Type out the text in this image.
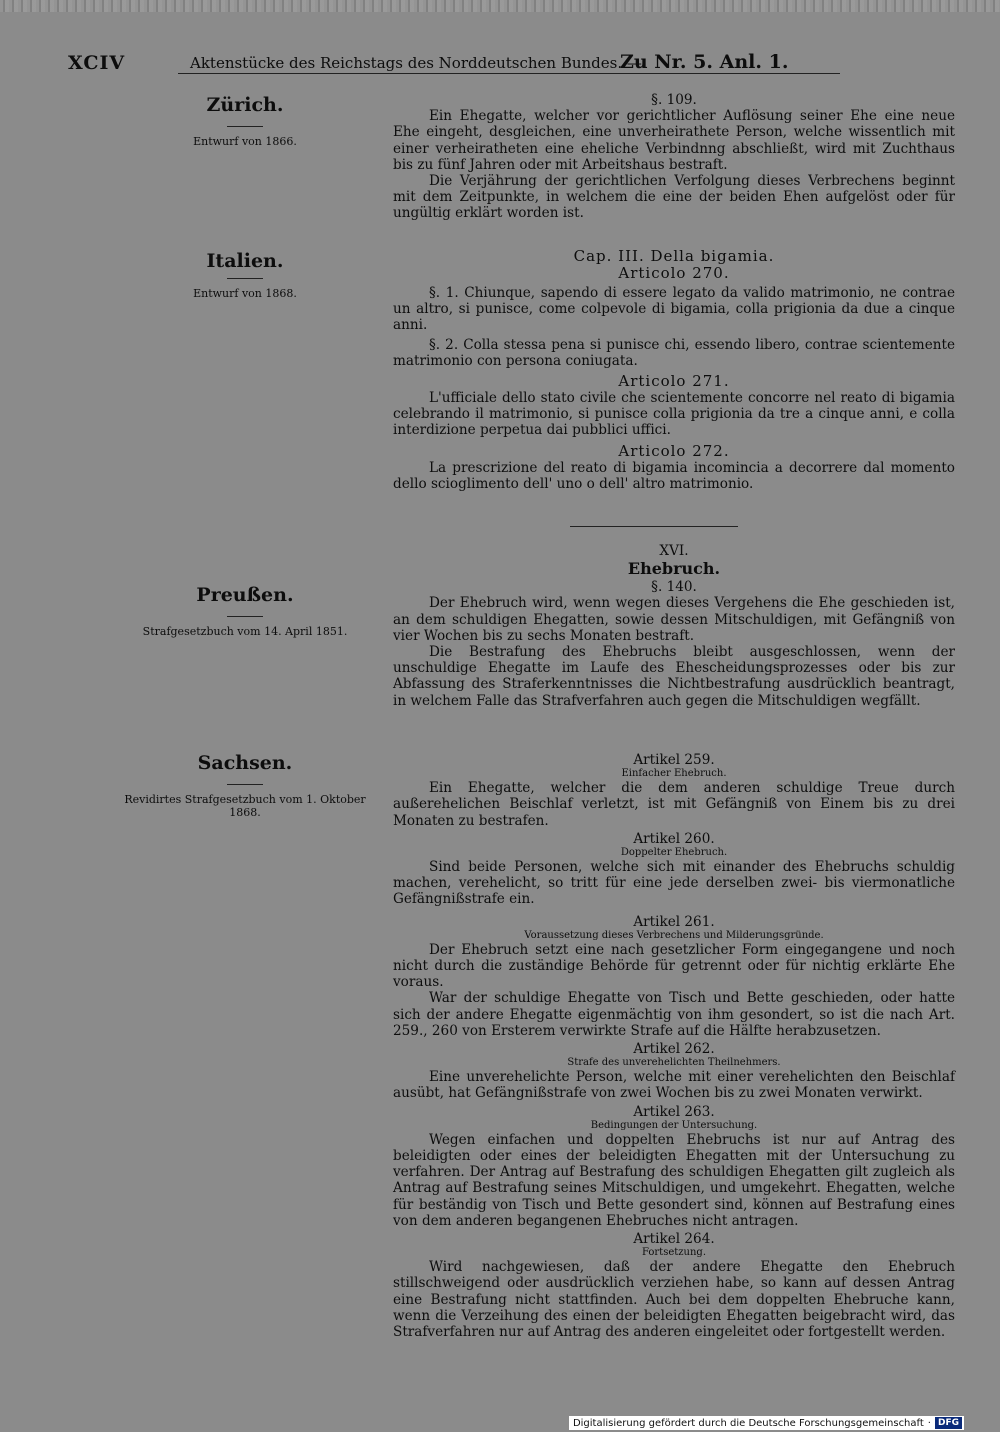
XCIV	Aktenstücke des Reichstags des Norddeutschen Bundes. —
Zu Nr. 5. Anl. 1.
Zürich.
Entwurf von 1866.
Italien.
Entwurf von 1868.
Preußen.
Strafgesetzbuch vom 14. April 1851.
Sachsen.
Revidirtes Strafgesetzbuch vom 1. Oktober 1868.
§. 109.

Ein Ehegatte, welcher vor gerichtlicher Auflösung seiner Ehe eine neue Ehe eingeht, desgleichen, eine unverheirathete Person, welche wissentlich mit einer verheiratheten eine eheliche Verbindnng abschließt, wird mit Zuchthaus bis zu fünf Jahren oder mit Arbeitshaus bestraft.

Die Verjährung der gerichtlichen Verfolgung dieses Verbrechens beginnt mit dem Zeitpunkte, in welchem die eine der beiden Ehen aufgelöst oder für ungültig erklärt worden ist.

Cap. III. Della bigamia.
Articolo 270.

§. 1. Chiunque, sapendo di essere legato da valido matrimonio, ne contrae un altro, si punisce, come colpevole di bigamia, colla prigionia da due a cinque anni.

§. 2. Colla stessa pena si punisce chi, essendo libero, contrae scientemente matrimonio con persona coniugata.

Articolo 271.

L'ufficiale dello stato civile che scientemente concorre nel reato di bigamia celebrando il matrimonio, si punisce colla prigionia da tre a cinque anni, e colla interdizione perpetua dai pubblici uffici.

Articolo 272.

La prescrizione del reato di bigamia incomincia a decorrere dal momento dello scioglimento dell' uno o dell' altro matrimonio.

XVI.
Ehebruch.
§. 140.

Der Ehebruch wird, wenn wegen dieses Vergehens die Ehe geschieden ist, an dem schuldigen Ehegatten, sowie dessen Mitschuldigen, mit Gefängniß von vier Wochen bis zu sechs Monaten bestraft.

Die Bestrafung des Ehebruchs bleibt ausgeschlossen, wenn der unschuldige Ehegatte im Laufe des Ehescheidungsprozesses oder bis zur Abfassung des Straferkenntnisses die Nichtbestrafung ausdrücklich beantragt, in welchem Falle das Strafverfahren auch gegen die Mitschuldigen wegfällt.

Artikel 259.
Einfacher Ehebruch.

Ein Ehegatte, welcher die dem anderen schuldige Treue durch außerehelichen Beischlaf verletzt, ist mit Gefängniß von Einem bis zu drei Monaten zu bestrafen.

Artikel 260.
Doppelter Ehebruch.

Sind beide Personen, welche sich mit einander des Ehebruchs schuldig machen, verehelicht, so tritt für eine jede derselben zwei- bis viermonatliche Gefängnißstrafe ein.

Artikel 261.
Voraussetzung dieses Verbrechens und Milderungsgründe.

Der Ehebruch setzt eine nach gesetzlicher Form eingegangene und noch nicht durch die zuständige Behörde für getrennt oder für nichtig erklärte Ehe voraus.

War der schuldige Ehegatte von Tisch und Bette geschieden, oder hatte sich der andere Ehegatte eigenmächtig von ihm gesondert, so ist die nach Art. 259., 260 von Ersterem verwirkte Strafe auf die Hälfte herabzusetzen.

Artikel 262.
Strafe des unverehelichten Theilnehmers.

Eine unverehelichte Person, welche mit einer verehelichten den Beischlaf ausübt, hat Gefängnißstrafe von zwei Wochen bis zu zwei Monaten verwirkt.

Artikel 263.
Bedingungen der Untersuchung.

Wegen einfachen und doppelten Ehebruchs ist nur auf Antrag des beleidigten oder eines der beleidigten Ehegatten mit der Untersuchung zu verfahren. Der Antrag auf Bestrafung des schuldigen Ehegatten gilt zugleich als Antrag auf Bestrafung seines Mitschuldigen, und umgekehrt. Ehegatten, welche für beständig von Tisch und Bette gesondert sind, können auf Bestrafung eines von dem anderen begangenen Ehebruches nicht antragen.

Artikel 264.
Fortsetzung.

Wird nachgewiesen, daß der andere Ehegatte den Ehebruch stillschweigend oder ausdrücklich verziehen habe, so kann auf dessen Antrag eine Bestrafung nicht stattfinden. Auch bei dem doppelten Ehebruche kann, wenn die Verzeihung des einen der beleidigten Ehegatten beigebracht wird, das Strafverfahren nur auf Antrag des anderen eingeleitet oder fortgestellt werden.

Digitalisierung gefördert durch die Deutsche Forschungsgemeinschaft · DFG
